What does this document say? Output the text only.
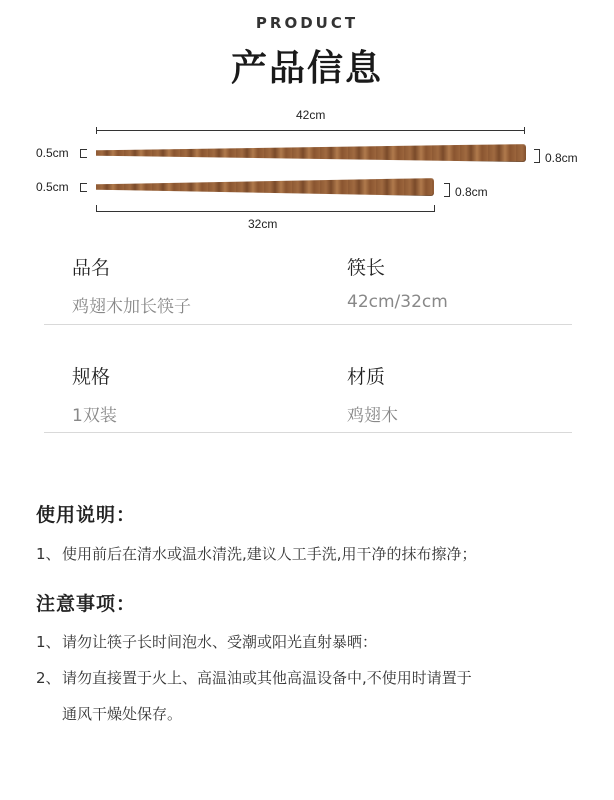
PRODUCT
产品信息
42cm
0.5cm	0.8cm
0.5cm	0.8cm
32cm
品名	筷长
鸡翅木加长筷子	42cm/32cm
规格	材质
1双装	鸡翅木
使用说明：
1、使用前后在清水或温水清洗,建议人工手洗,用干净的抹布擦净；
注意事项：
1、请勿让筷子长时间泡水、受潮或阳光直射暴晒：
2、请勿直接置于火上、高温油或其他高温设备中,不使用时请置于
通风干燥处保存。
